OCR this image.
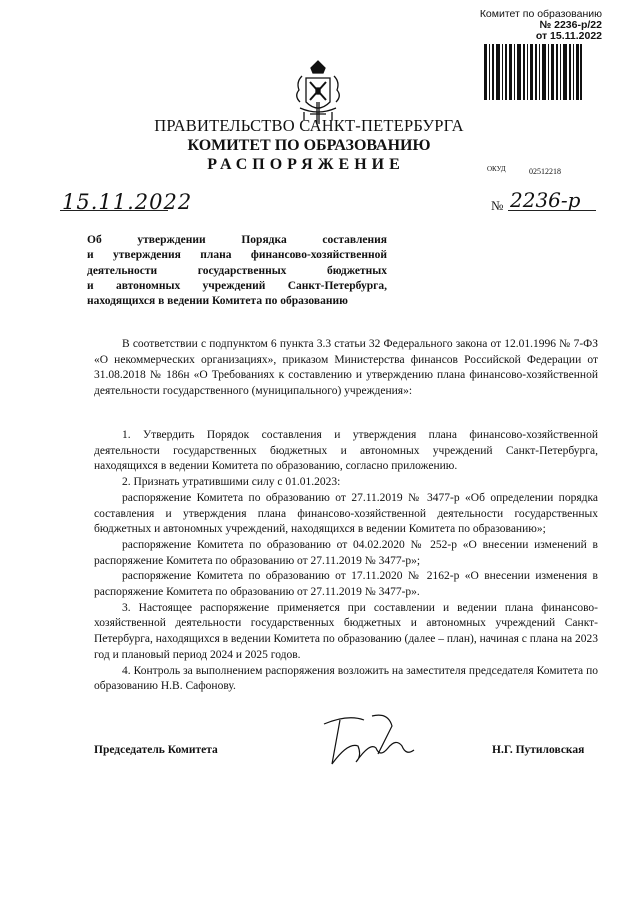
Комитет по образованию
№ 2236-р/22
от 15.11.2022
ПРАВИТЕЛЬСТВО САНКТ-ПЕТЕРБУРГА
КОМИТЕТ ПО ОБРАЗОВАНИЮ
РАСПОРЯЖЕНИЕ	ОКУД	02512218
15.11.2022	№ 2236-р
Об утверждении Порядка составления
и утверждения плана финансово-хозяйственной
деятельности государственных бюджетных
и автономных учреждений Санкт-Петербурга,
находящихся в ведении Комитета по образованию

В соответствии с подпунктом 6 пункта 3.3 статьи 32 Федерального закона от 12.01.1996 № 7-ФЗ «О некоммерческих организациях», приказом Министерства финансов Российской Федерации от 31.08.2018 № 186н «О Требованиях к составлению и утверждению плана финансово-хозяйственной деятельности государственного (муниципального) учреждения»:

1. Утвердить Порядок составления и утверждения плана финансово-хозяйственной деятельности государственных бюджетных и автономных учреждений Санкт-Петербурга, находящихся в ведении Комитета по образованию, согласно приложению.

2. Признать утратившими силу с 01.01.2023:

распоряжение Комитета по образованию от 27.11.2019 № 3477-р «Об определении порядка составления и утверждения плана финансово-хозяйственной деятельности государственных бюджетных и автономных учреждений, находящихся в ведении Комитета по образованию»;

распоряжение Комитета по образованию от 04.02.2020 № 252-р «О внесении изменений в распоряжение Комитета по образованию от 27.11.2019 № 3477-р»;

распоряжение Комитета по образованию от 17.11.2020 № 2162-р «О внесении изменения в распоряжение Комитета по образованию от 27.11.2019 № 3477-р».

3. Настоящее распоряжение применяется при составлении и ведении плана финансово-хозяйственной деятельности государственных бюджетных и автономных учреждений Санкт-Петербурга, находящихся в ведении Комитета по образованию (далее – план), начиная с плана на 2023 год и плановый период 2024 и 2025 годов.

4. Контроль за выполнением распоряжения возложить на заместителя председателя Комитета по образованию Н.В. Сафонову.

Председатель Комитета	Н.Г. Путиловская
